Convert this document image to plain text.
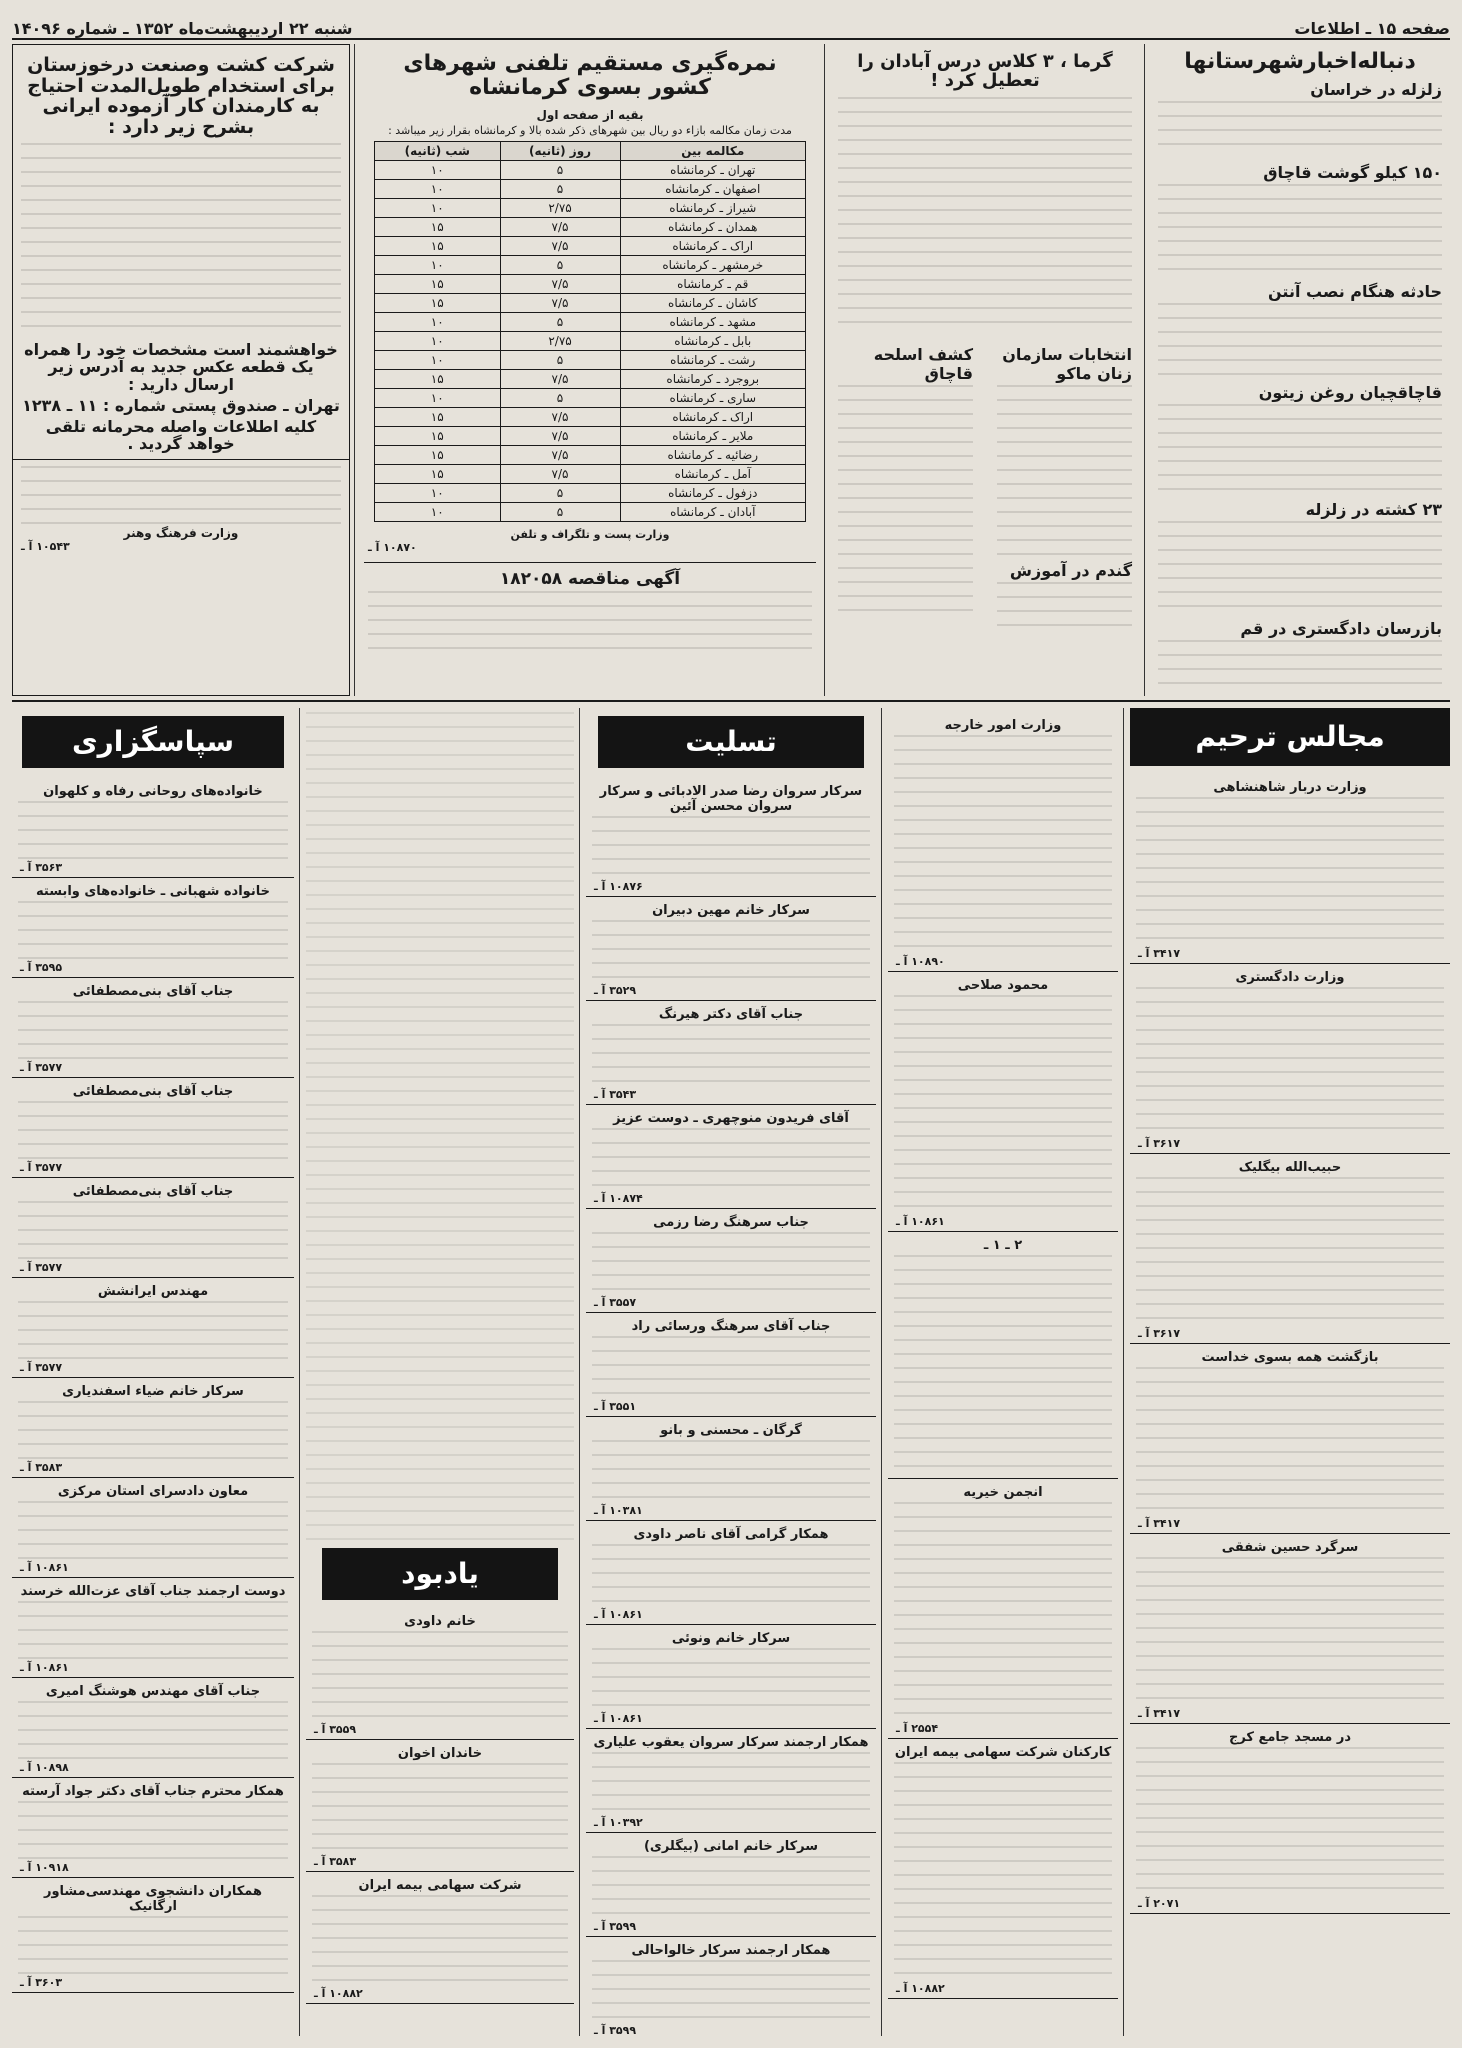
صفحه ۱۵ ـ اطلاعات
شنبه ۲۲ اردیبهشت‌ماه ۱۳۵۲ ـ شماره ۱۴۰۹۶
دنباله‌اخبارشهرستانها
زلزله در خراسان
۱۵۰ کیلو گوشت قاچاق
حادثه هنگام نصب آنتن
قاچاقچیان روغن زیتون
۲۳ کشته در زلزله
بازرسان دادگستری در قم
گرما ، ۳ کلاس درس آبادان را تعطیل کرد !
انتخابات سازمان زنان ماکو
گندم در آموزش
کشف اسلحه قاچاق
نمره‌گیری مستقیم تلفنی شهرهای کشور بسوی کرمانشاه
بقیه از صفحه اول
مدت زمان مکالمه بازاء دو ریال بین شهرهای ذکر شده بالا و کرمانشاه بقرار زیر میباشد :
مکالمه بین	روز (ثانیه)	شب (ثانیه)
تهران ـ کرمانشاه	۵	۱۰
اصفهان ـ کرمانشاه	۵	۱۰
شیراز ـ کرمانشاه	۲/۷۵	۱۰
همدان ـ کرمانشاه	۷/۵	۱۵
اراک ـ کرمانشاه	۷/۵	۱۵
خرمشهر ـ کرمانشاه	۵	۱۰
قم ـ کرمانشاه	۷/۵	۱۵
کاشان ـ کرمانشاه	۷/۵	۱۵
مشهد ـ کرمانشاه	۵	۱۰
بابل ـ کرمانشاه	۲/۷۵	۱۰
رشت ـ کرمانشاه	۵	۱۰
بروجرد ـ کرمانشاه	۷/۵	۱۵
ساری ـ کرمانشاه	۵	۱۰
اراک ـ کرمانشاه	۷/۵	۱۵
ملایر ـ کرمانشاه	۷/۵	۱۵
رضائیه ـ کرمانشاه	۷/۵	۱۵
آمل ـ کرمانشاه	۷/۵	۱۵
دزفول ـ کرمانشاه	۵	۱۰
آبادان ـ کرمانشاه	۵	۱۰
وزارت پست و تلگراف و تلفن
۱۰۸۷۰ آ ـ
آگهی مناقصه ۱۸۲۰۵۸
شرکت کشت وصنعت درخوزستان برای استخدام طویل‌المدت احتیاج به کارمندان کار آزموده ایرانی بشرح زیر دارد :
خواهشمند است مشخصات خود را همراه یک قطعه عکس جدید به آدرس زیر ارسال دارید :
تهران ـ صندوق پستی شماره : ۱۱ ـ ۱۲۳۸
کلیه اطلاعات واصله محرمانه تلقی خواهد گردید .
وزارت فرهنگ وهنر
۱۰۵۴۳ آ ـ
مجالس ترحیم
وزارت دربار شاهنشاهی
۳۴۱۷ آ ـ
وزارت دادگستری
۳۶۱۷ آ ـ
حبیب‌الله بیگلیک
۳۶۱۷ آ ـ
بازگشت همه بسوی خداست
۳۴۱۷ آ ـ
سرگرد حسین شفقی
۳۴۱۷ آ ـ
در مسجد جامع کرج
۲۰۷۱ آ ـ
وزارت امور خارجه
۱۰۸۹۰ آ ـ
محمود صلاحی
۱۰۸۶۱ آ ـ
۲ ـ ۱ ـ
انجمن خیریه
۲۵۵۴ آ ـ
کارکنان شرکت سهامی بیمه ایران
۱۰۸۸۲ آ ـ
تسلیت
سرکار سروان رضا صدر الادبائی و سرکار سروان محسن آئین
۱۰۸۷۶ آ ـ
سرکار خانم مهین دبیران
۳۵۲۹ آ ـ
جناب آقای دکتر هیرنگ
۳۵۴۳ آ ـ
آقای فریدون منوچهری ـ دوست عزیز
۱۰۸۷۴ آ ـ
جناب سرهنگ رضا رزمی
۳۵۵۷ آ ـ
جناب آقای سرهنگ ورسائی راد
۳۵۵۱ آ ـ
گرگان ـ محسنی و بانو
۱۰۳۸۱ آ ـ
همکار گرامی آقای ناصر داودی
۱۰۸۶۱ آ ـ
سرکار خانم ونوئی
۱۰۸۶۱ آ ـ
همکار ارجمند سرکار سروان یعقوب علیاری
۱۰۳۹۲ آ ـ
سرکار خانم امانی (بیگلری)
۳۵۹۹ آ ـ
همکار ارجمند سرکار خالواحالی
۳۵۹۹ آ ـ
یادبود
خانم داودی
۳۵۵۹ آ ـ
خاندان اخوان
۳۵۸۳ آ ـ
شرکت سهامی بیمه ایران
۱۰۸۸۲ آ ـ
سپاسگزاری
خانواده‌های روحانی رفاه و کلهوان
۳۵۶۳ آ ـ
خانواده شهبانی ـ خانواده‌های وابسته
۳۵۹۵ آ ـ
جناب آقای بنی‌مصطفائی
۳۵۷۷ آ ـ
جناب آقای بنی‌مصطفائی
۳۵۷۷ آ ـ
جناب آقای بنی‌مصطفائی
۳۵۷۷ آ ـ
مهندس ایرانشش
۳۵۷۷ آ ـ
سرکار خانم ضیاء اسفندیاری
۳۵۸۳ آ ـ
معاون دادسرای استان مرکزی
۱۰۸۶۱ آ ـ
دوست ارجمند جناب آقای عزت‌الله خرسند
۱۰۸۶۱ آ ـ
جناب آقای مهندس هوشنگ امیری
۱۰۸۹۸ آ ـ
همکار محترم جناب آقای دکتر جواد آرسته
۱۰۹۱۸ آ ـ
همکاران دانشجوی مهندسی‌مشاور ارگانیک
۳۶۰۳ آ ـ
